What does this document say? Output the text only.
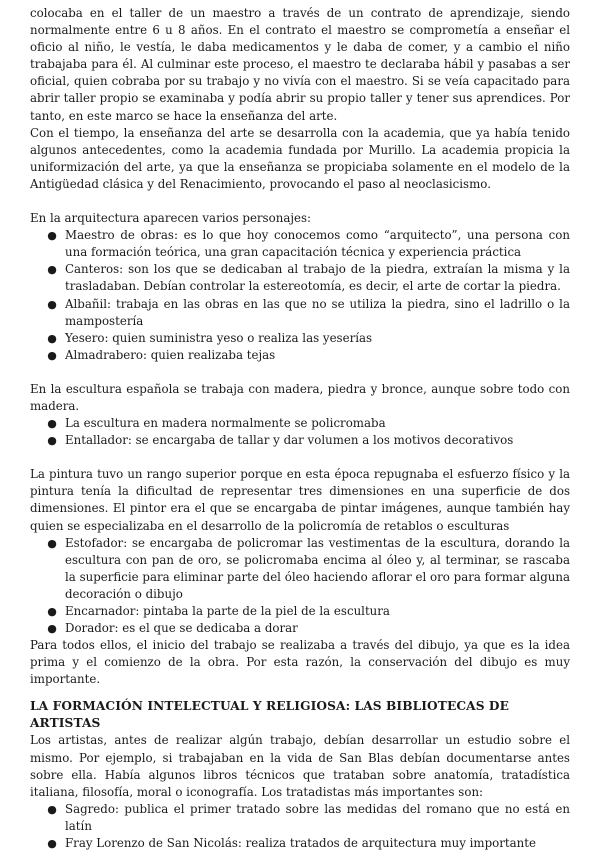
colocaba en el taller de un maestro a través de un contrato de aprendizaje, siendo normalmente entre 6 u 8 años. En el contrato el maestro se comprometía a enseñar el oficio al niño, le vestía, le daba medicamentos y le daba de comer, y a cambio el niño trabajaba para él. Al culminar este proceso, el maestro te declaraba hábil y pasabas a ser oficial, quien cobraba por su trabajo y no vivía con el maestro. Si se veía capacitado para abrir taller propio se examinaba y podía abrir su propio taller y tener sus aprendices. Por tanto, en este marco se hace la enseñanza del arte.

Con el tiempo, la enseñanza del arte se desarrolla con la academia, que ya había tenido algunos antecedentes, como la academia fundada por Murillo. La academia propicia la uniformización del arte, ya que la enseñanza se propiciaba solamente en el modelo de la Antigüedad clásica y del Renacimiento, provocando el paso al neoclasicismo.

En la arquitectura aparecen varios personajes:

● Maestro de obras: es lo que hoy conocemos como “arquitecto”, una persona con una formación teórica, una gran capacitación técnica y experiencia práctica
● Canteros: son los que se dedicaban al trabajo de la piedra, extraían la misma y la trasladaban. Debían controlar la estereotomía, es decir, el arte de cortar la piedra.
● Albañil: trabaja en las obras en las que no se utiliza la piedra, sino el ladrillo o la mampostería
● Yesero: quien suministra yeso o realiza las yeserías
● Almadrabero: quien realizaba tejas

En la escultura española se trabaja con madera, piedra y bronce, aunque sobre todo con madera.

● La escultura en madera normalmente se policromaba
● Entallador: se encargaba de tallar y dar volumen a los motivos decorativos

La pintura tuvo un rango superior porque en esta época repugnaba el esfuerzo físico y la pintura tenía la dificultad de representar tres dimensiones en una superficie de dos dimensiones. El pintor era el que se encargaba de pintar imágenes, aunque también hay quien se especializaba en el desarrollo de la policromía de retablos o esculturas

● Estofador: se encargaba de policromar las vestimentas de la escultura, dorando la escultura con pan de oro, se policromaba encima al óleo y, al terminar, se rascaba la superficie para eliminar parte del óleo haciendo aflorar el oro para formar alguna decoración o dibujo
● Encarnador: pintaba la parte de la piel de la escultura
● Dorador: es el que se dedicaba a dorar

Para todos ellos, el inicio del trabajo se realizaba a través del dibujo, ya que es la idea prima y el comienzo de la obra. Por esta razón, la conservación del dibujo es muy importante.

LA FORMACIÓN INTELECTUAL Y RELIGIOSA: LAS BIBLIOTECAS DE ARTISTAS

Los artistas, antes de realizar algún trabajo, debían desarrollar un estudio sobre el mismo. Por ejemplo, si trabajaban en la vida de San Blas debían documentarse antes sobre ella. Había algunos libros técnicos que trataban sobre anatomía, tratadística italiana, filosofía, moral o iconografía. Los tratadistas más importantes son:

● Sagredo: publica el primer tratado sobre las medidas del romano que no está en latín
● Fray Lorenzo de San Nicolás: realiza tratados de arquitectura muy importante
